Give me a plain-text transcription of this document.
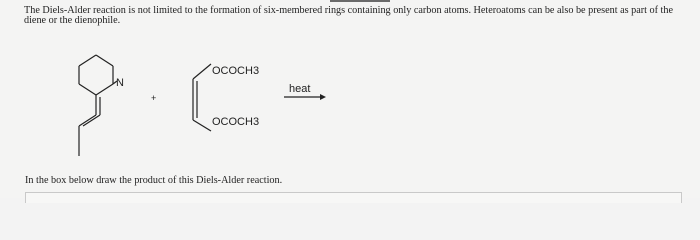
The Diels-Alder reaction is not limited to the formation of six-membered rings containing only carbon atoms. Heteroatoms can be also be present as part of the diene or the dienophile.
N
+
OCOCH3
OCOCH3
heat
In the box below draw the product of this Diels-Alder reaction.
